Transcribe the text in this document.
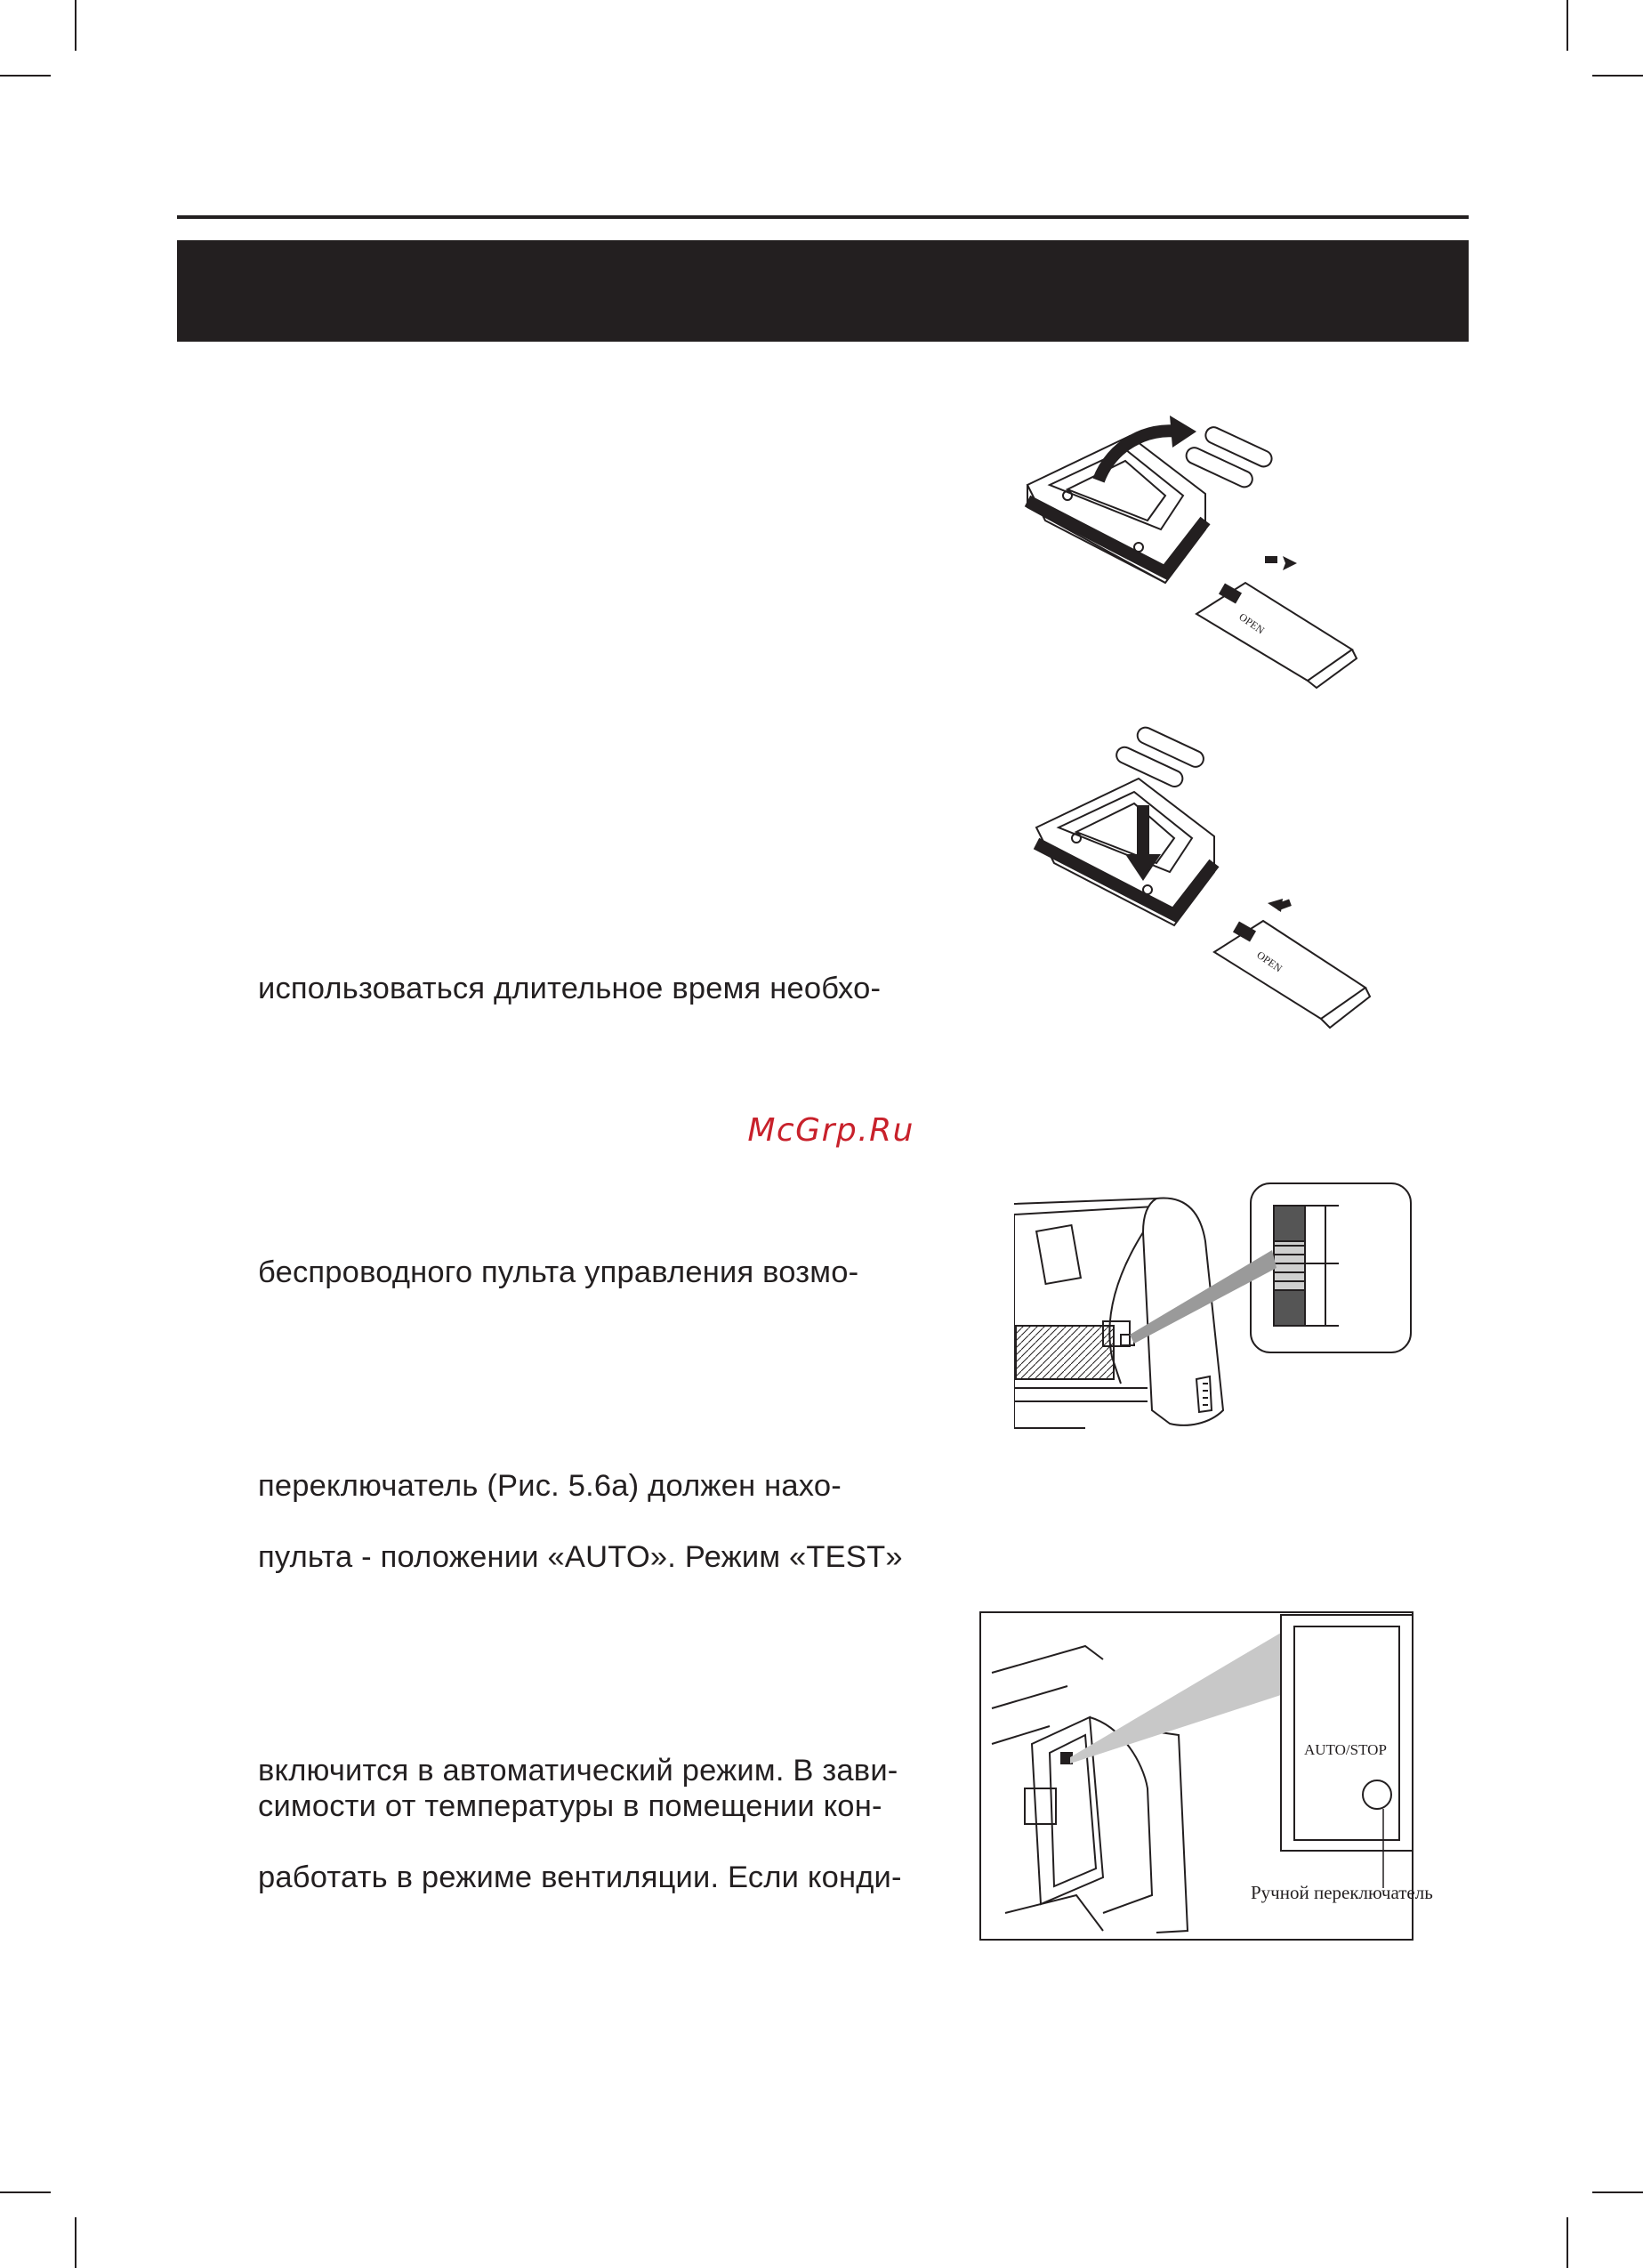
использоваться длительное время необхо-
беспроводного пульта управления возмо-
переключатель (Рис. 5.6а) должен нахо-
пульта - положении «AUTO». Режим «TEST»
включится в автоматический режим. В зави-
симости от температуры в помещении кон-
работать в режиме вентиляции. Если конди-
McGrp.Ru
OPEN
OPEN
AUTO/STOP
Ручной переключатель
